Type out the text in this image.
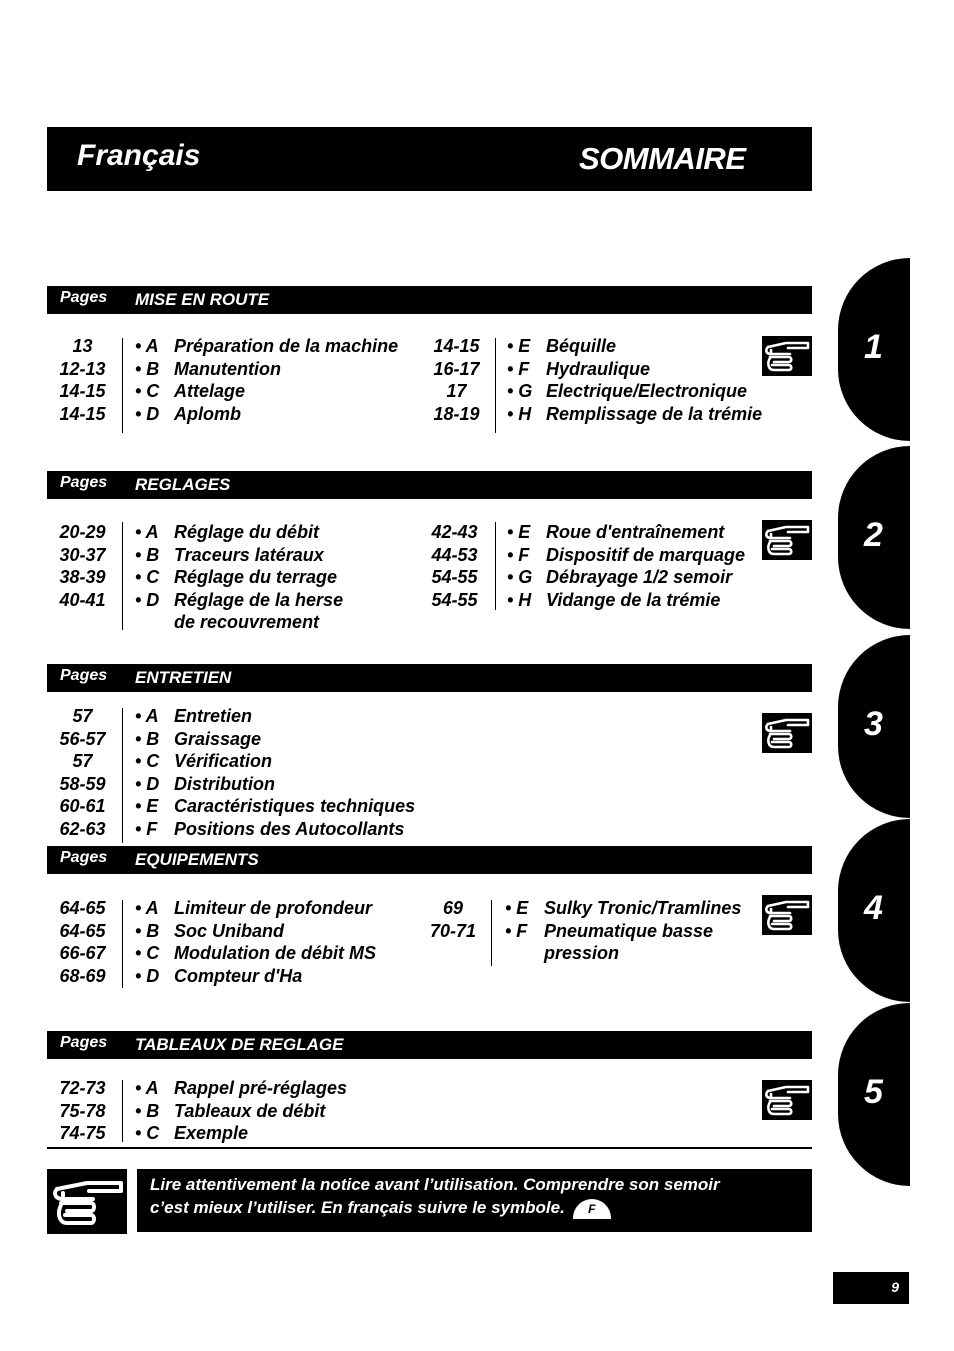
Français	SOMMAIRE
Pages MISE EN ROUTE
13	• A Préparation de la machine
12-13 • B Manutention
14-15 • C Attelage
14-15 • D Aplomb
14-15	• E Béquille
16-17	• F Hydraulique
17	• G Electrique/Electronique
18-19	• H Remplissage de la trémie
Pages REGLAGES
20-29 • A Réglage du débit
30-37 • B Traceurs latéraux
38-39 • C Réglage du terrage
40-41 • D Réglage de la herse
de recouvrement
42-43	• E Roue d'entraînement
44-53	• F Dispositif de marquage
54-55	• G Débrayage 1/2 semoir
54-55	• H Vidange de la trémie
Pages ENTRETIEN
57	• A Entretien
56-57 • B Graissage
57	• C Vérification
58-59 • D Distribution
60-61 • E Caractéristiques techniques
62-63 • F Positions des Autocollants
Pages EQUIPEMENTS
64-65 • A Limiteur de profondeur
64-65 • B Soc Uniband
66-67 • C Modulation de débit MS
68-69 • D Compteur d'Ha
69	• E Sulky Tronic/Tramlines
70-71 • F Pneumatique basse
pression
Pages TABLEAUX DE REGLAGE
72-73 • A Rappel pré-réglages
75-78 • B Tableaux de débit
74-75 • C Exemple
1
2
3
4
5
Lire attentivement la notice avant l’utilisation. Comprendre son semoir
c’est mieux l’utiliser. En français suivre le symbole. F
9
